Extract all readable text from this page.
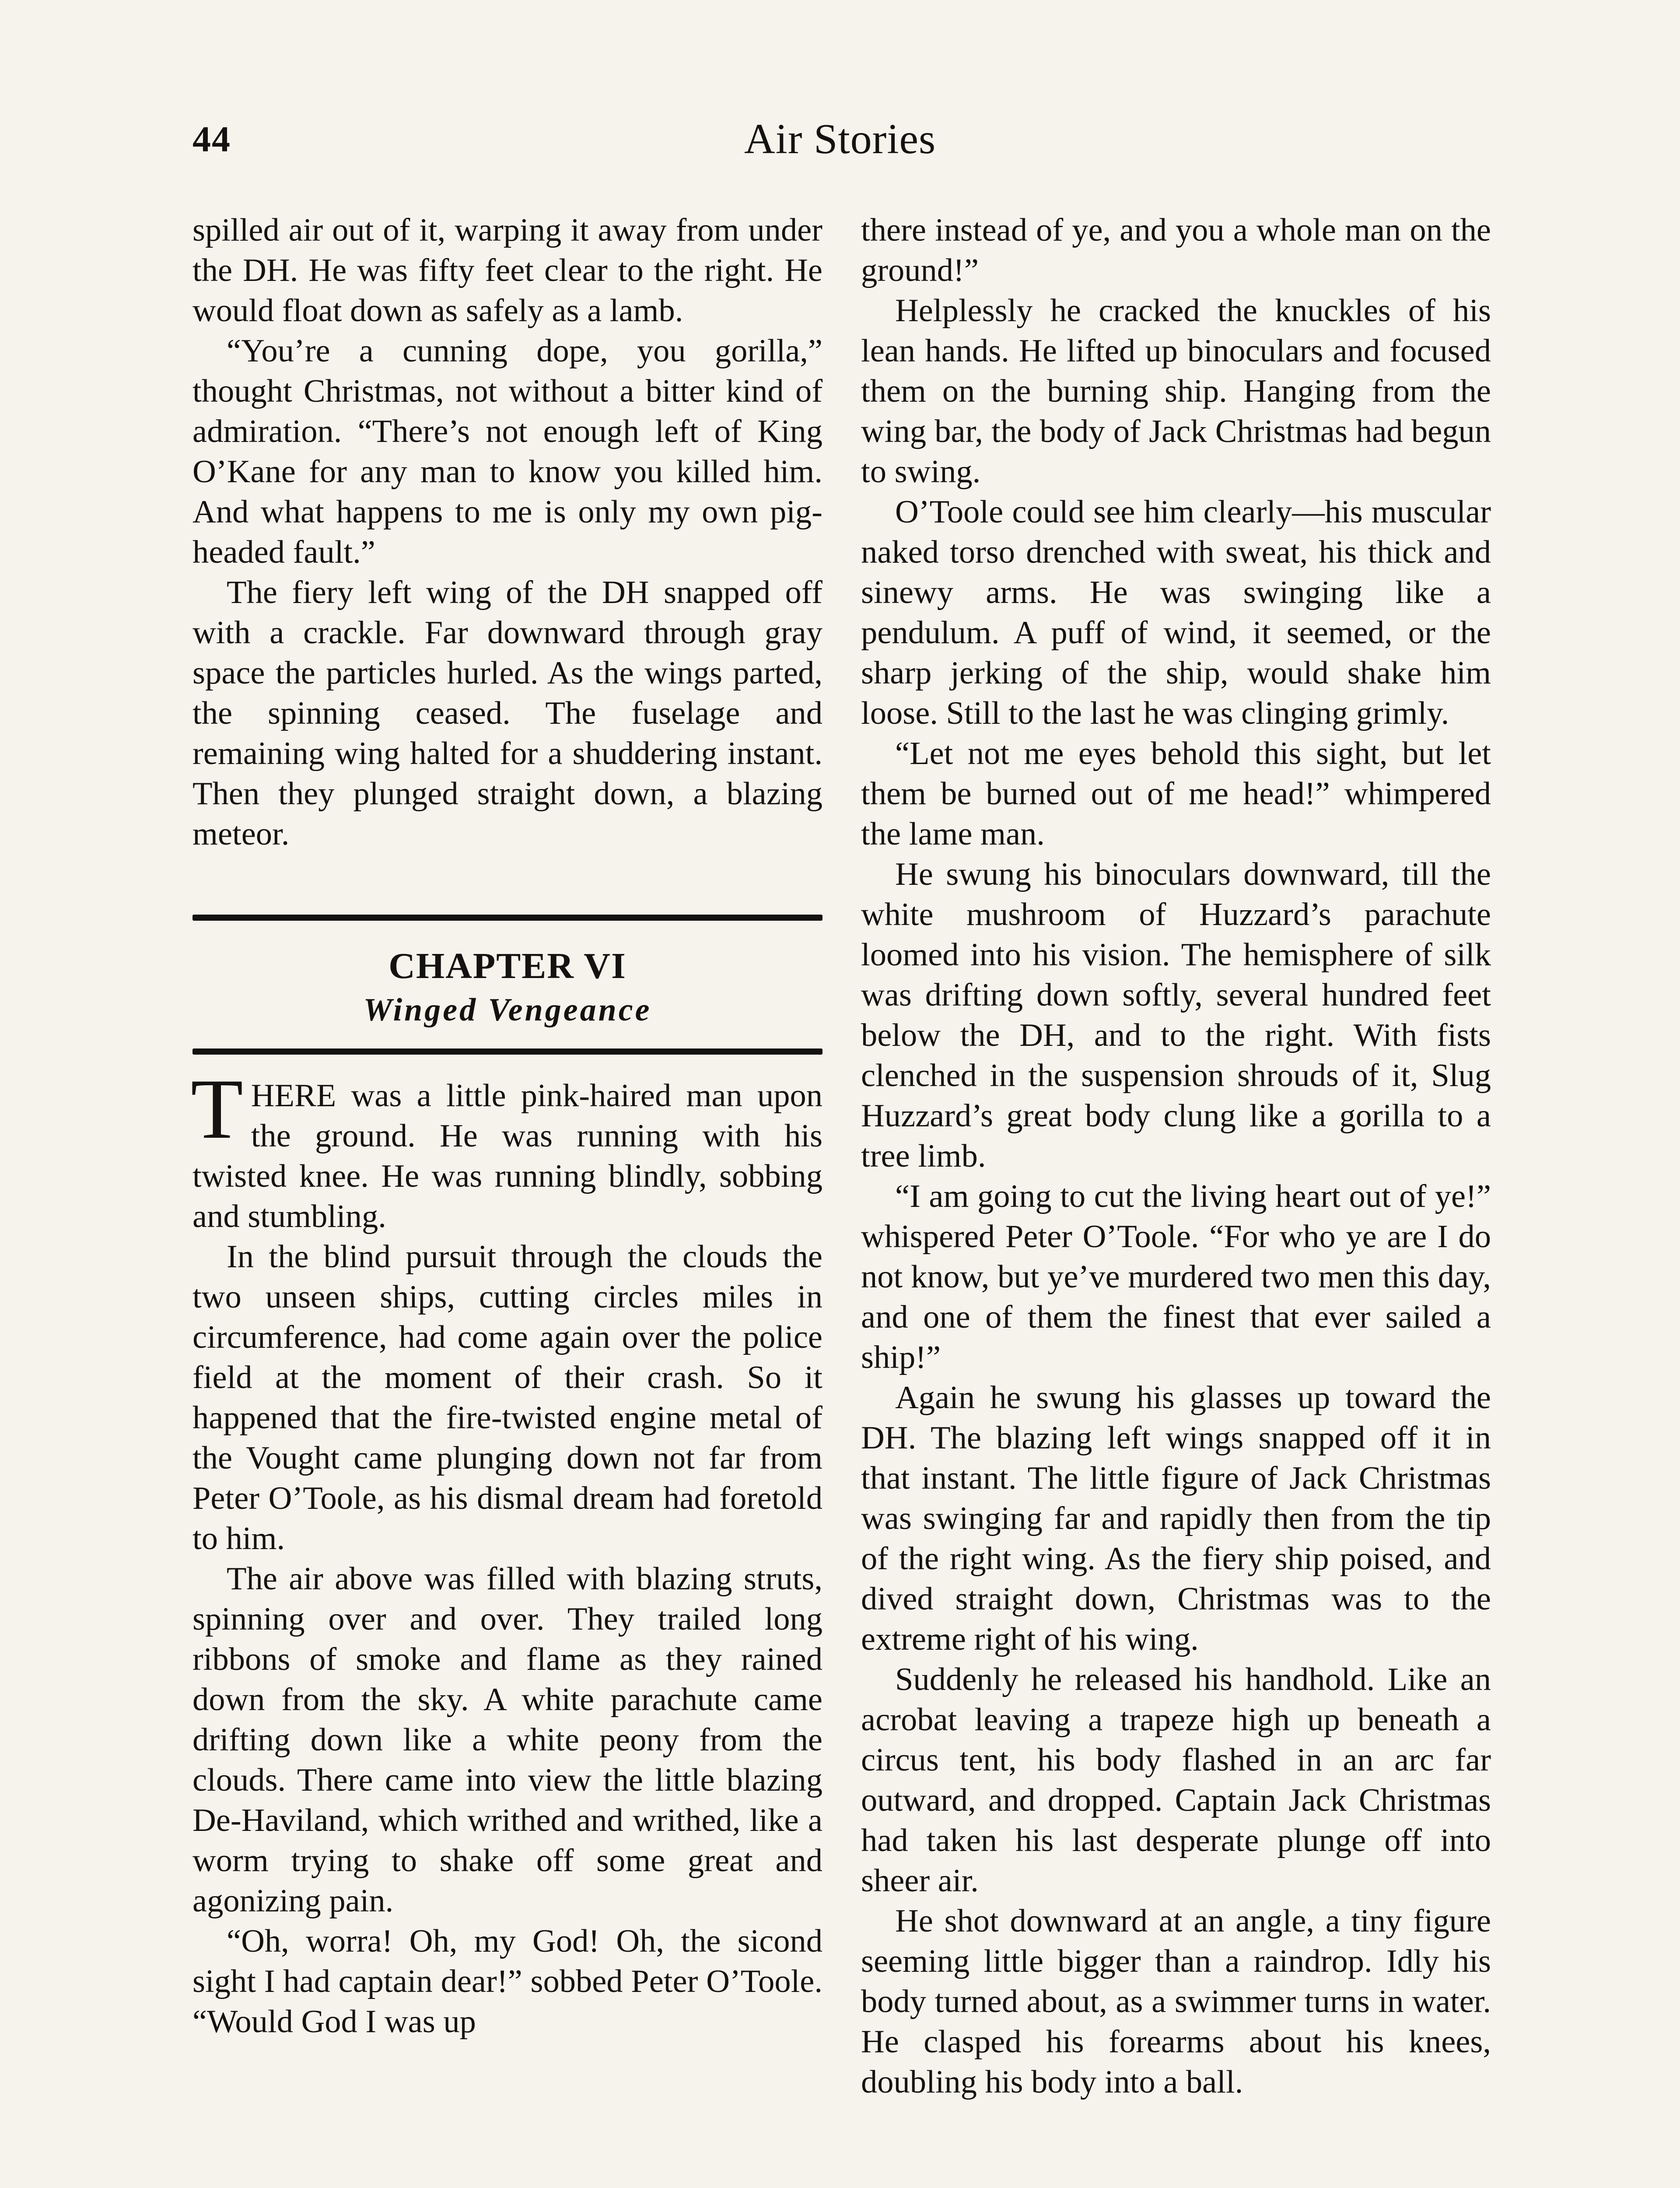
44	Air Stories

spilled air out of it, warping it away from under the DH. He was fifty feet clear to the right. He would float down as safely as a lamb.

“You’re a cunning dope, you gorilla,” thought Christmas, not without a bitter kind of admiration. “There’s not enough left of King O’Kane for any man to know you killed him. And what happens to me is only my own pig-headed fault.”

The fiery left wing of the DH snapped off with a crackle. Far downward through gray space the particles hurled. As the wings parted, the spinning ceased. The fuselage and remaining wing halted for a shuddering instant. Then they plunged straight down, a blazing meteor.

CHAPTER VI
Winged Vengeance

THERE was a little pink-haired man upon the ground. He was running with his twisted knee. He was running blindly, sobbing and stumbling.

In the blind pursuit through the clouds the two unseen ships, cutting circles miles in circumference, had come again over the police field at the moment of their crash. So it happened that the fire-twisted engine metal of the Vought came plunging down not far from Peter O’Toole, as his dismal dream had foretold to him.

The air above was filled with blazing struts, spinning over and over. They trailed long ribbons of smoke and flame as they rained down from the sky. A white parachute came drifting down like a white peony from the clouds. There came into view the little blazing De-Haviland, which writhed and writhed, like a worm trying to shake off some great and agonizing pain.

“Oh, worra! Oh, my God! Oh, the sicond sight I had captain dear!” sobbed Peter O’Toole. “Would God I was up

there instead of ye, and you a whole man on the ground!”

Helplessly he cracked the knuckles of his lean hands. He lifted up binoculars and focused them on the burning ship. Hanging from the wing bar, the body of Jack Christmas had begun to swing.

O’Toole could see him clearly—his muscular naked torso drenched with sweat, his thick and sinewy arms. He was swinging like a pendulum. A puff of wind, it seemed, or the sharp jerking of the ship, would shake him loose. Still to the last he was clinging grimly.

“Let not me eyes behold this sight, but let them be burned out of me head!” whimpered the lame man.

He swung his binoculars downward, till the white mushroom of Huzzard’s parachute loomed into his vision. The hemisphere of silk was drifting down softly, several hundred feet below the DH, and to the right. With fists clenched in the suspension shrouds of it, Slug Huzzard’s great body clung like a gorilla to a tree limb.

“I am going to cut the living heart out of ye!” whispered Peter O’Toole. “For who ye are I do not know, but ye’ve murdered two men this day, and one of them the finest that ever sailed a ship!”

Again he swung his glasses up toward the DH. The blazing left wings snapped off it in that instant. The little figure of Jack Christmas was swinging far and rapidly then from the tip of the right wing. As the fiery ship poised, and dived straight down, Christmas was to the extreme right of his wing.

Suddenly he released his handhold. Like an acrobat leaving a trapeze high up beneath a circus tent, his body flashed in an arc far outward, and dropped. Captain Jack Christmas had taken his last desperate plunge off into sheer air.

He shot downward at an angle, a tiny figure seeming little bigger than a raindrop. Idly his body turned about, as a swimmer turns in water. He clasped his forearms about his knees, doubling his body into a ball.
